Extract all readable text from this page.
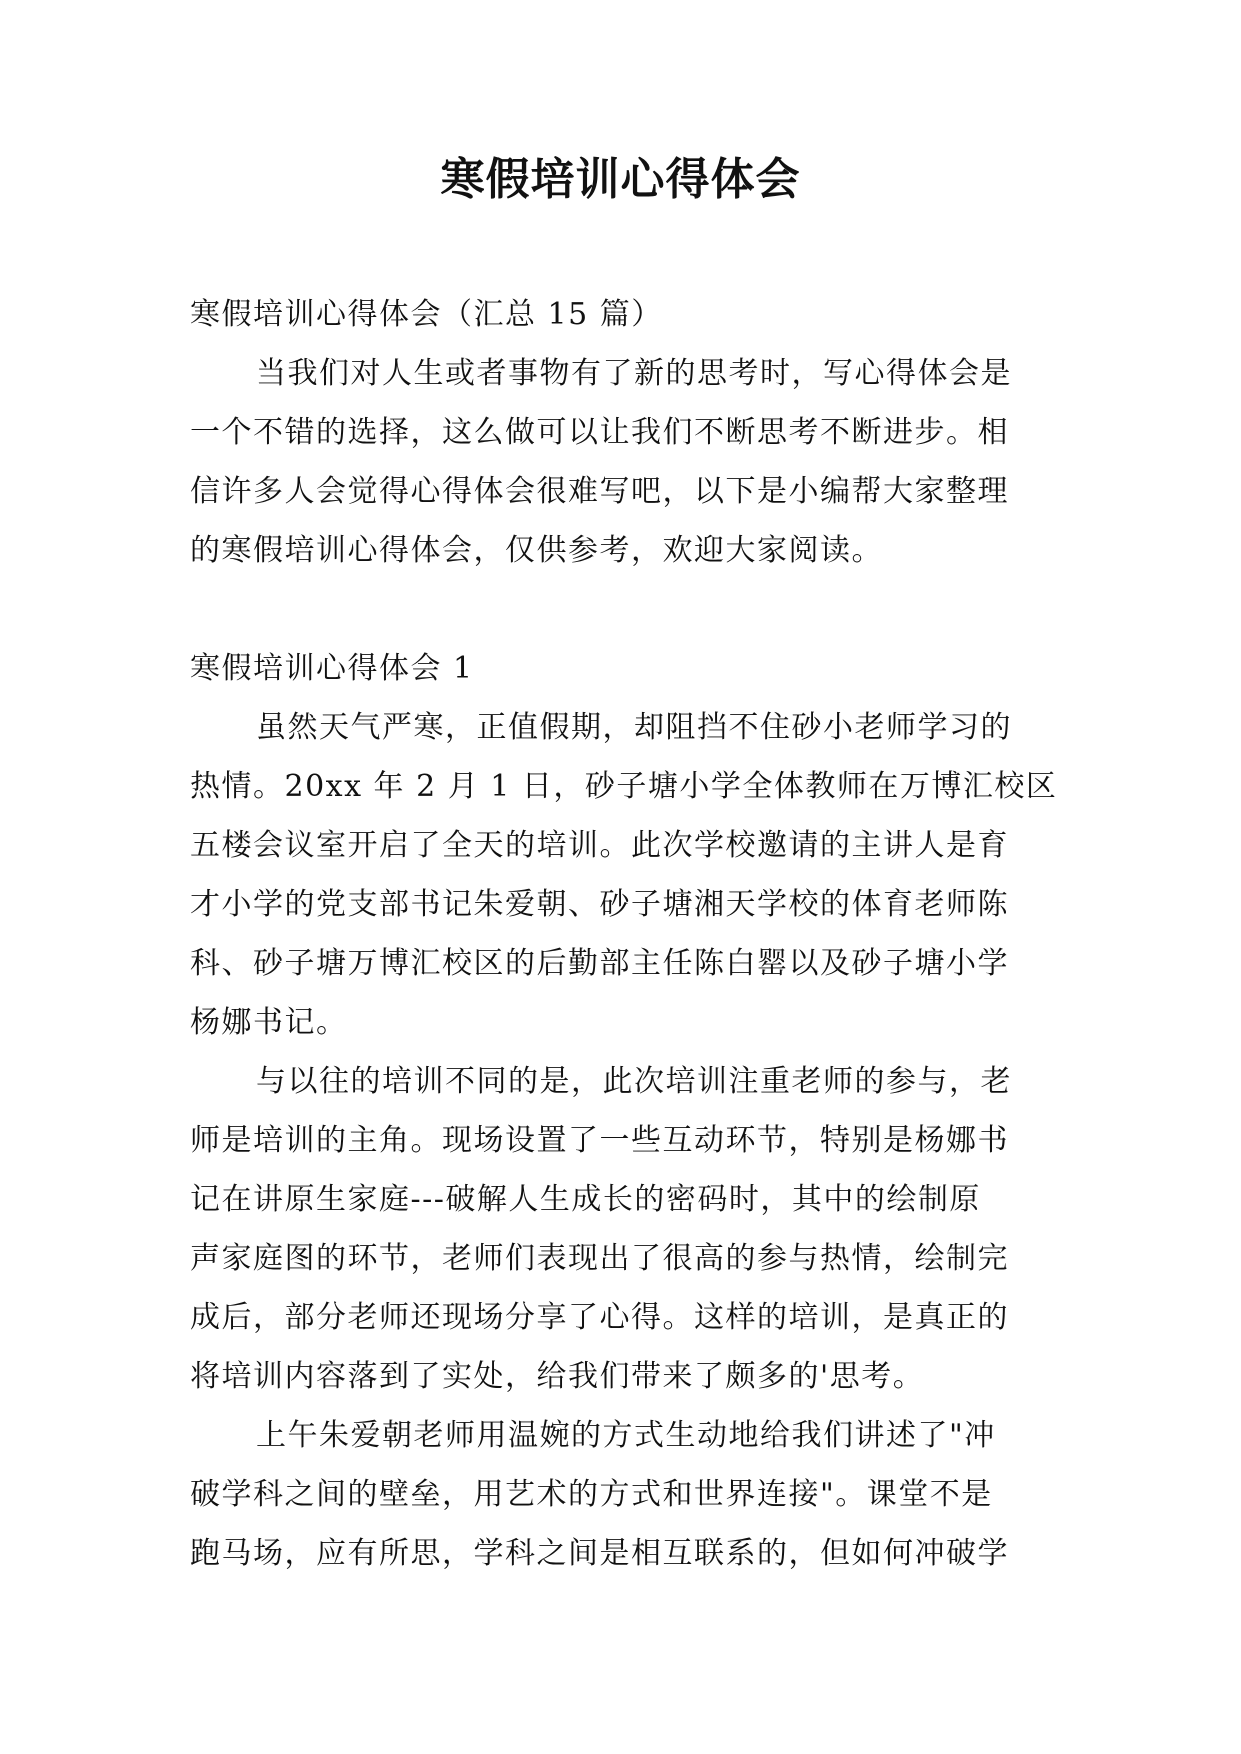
寒假培训心得体会
寒假培训心得体会（汇总 15 篇）
当我们对人生或者事物有了新的思考时，写心得体会是
一个不错的选择，这么做可以让我们不断思考不断进步。相
信许多人会觉得心得体会很难写吧，以下是小编帮大家整理
的寒假培训心得体会，仅供参考，欢迎大家阅读。
寒假培训心得体会 1
虽然天气严寒，正值假期，却阻挡不住砂小老师学习的
热情。20xx 年 2 月 1 日，砂子塘小学全体教师在万博汇校区
五楼会议室开启了全天的培训。此次学校邀请的主讲人是育
才小学的党支部书记朱爱朝、砂子塘湘天学校的体育老师陈
科、砂子塘万博汇校区的后勤部主任陈白罂以及砂子塘小学
杨娜书记。
与以往的培训不同的是，此次培训注重老师的参与，老
师是培训的主角。现场设置了一些互动环节，特别是杨娜书
记在讲原生家庭---破解人生成长的密码时，其中的绘制原
声家庭图的环节，老师们表现出了很高的参与热情，绘制完
成后，部分老师还现场分享了心得。这样的培训，是真正的
将培训内容落到了实处，给我们带来了颇多的'思考。
上午朱爱朝老师用温婉的方式生动地给我们讲述了"冲
破学科之间的壁垒，用艺术的方式和世界连接"。课堂不是
跑马场，应有所思，学科之间是相互联系的，但如何冲破学
